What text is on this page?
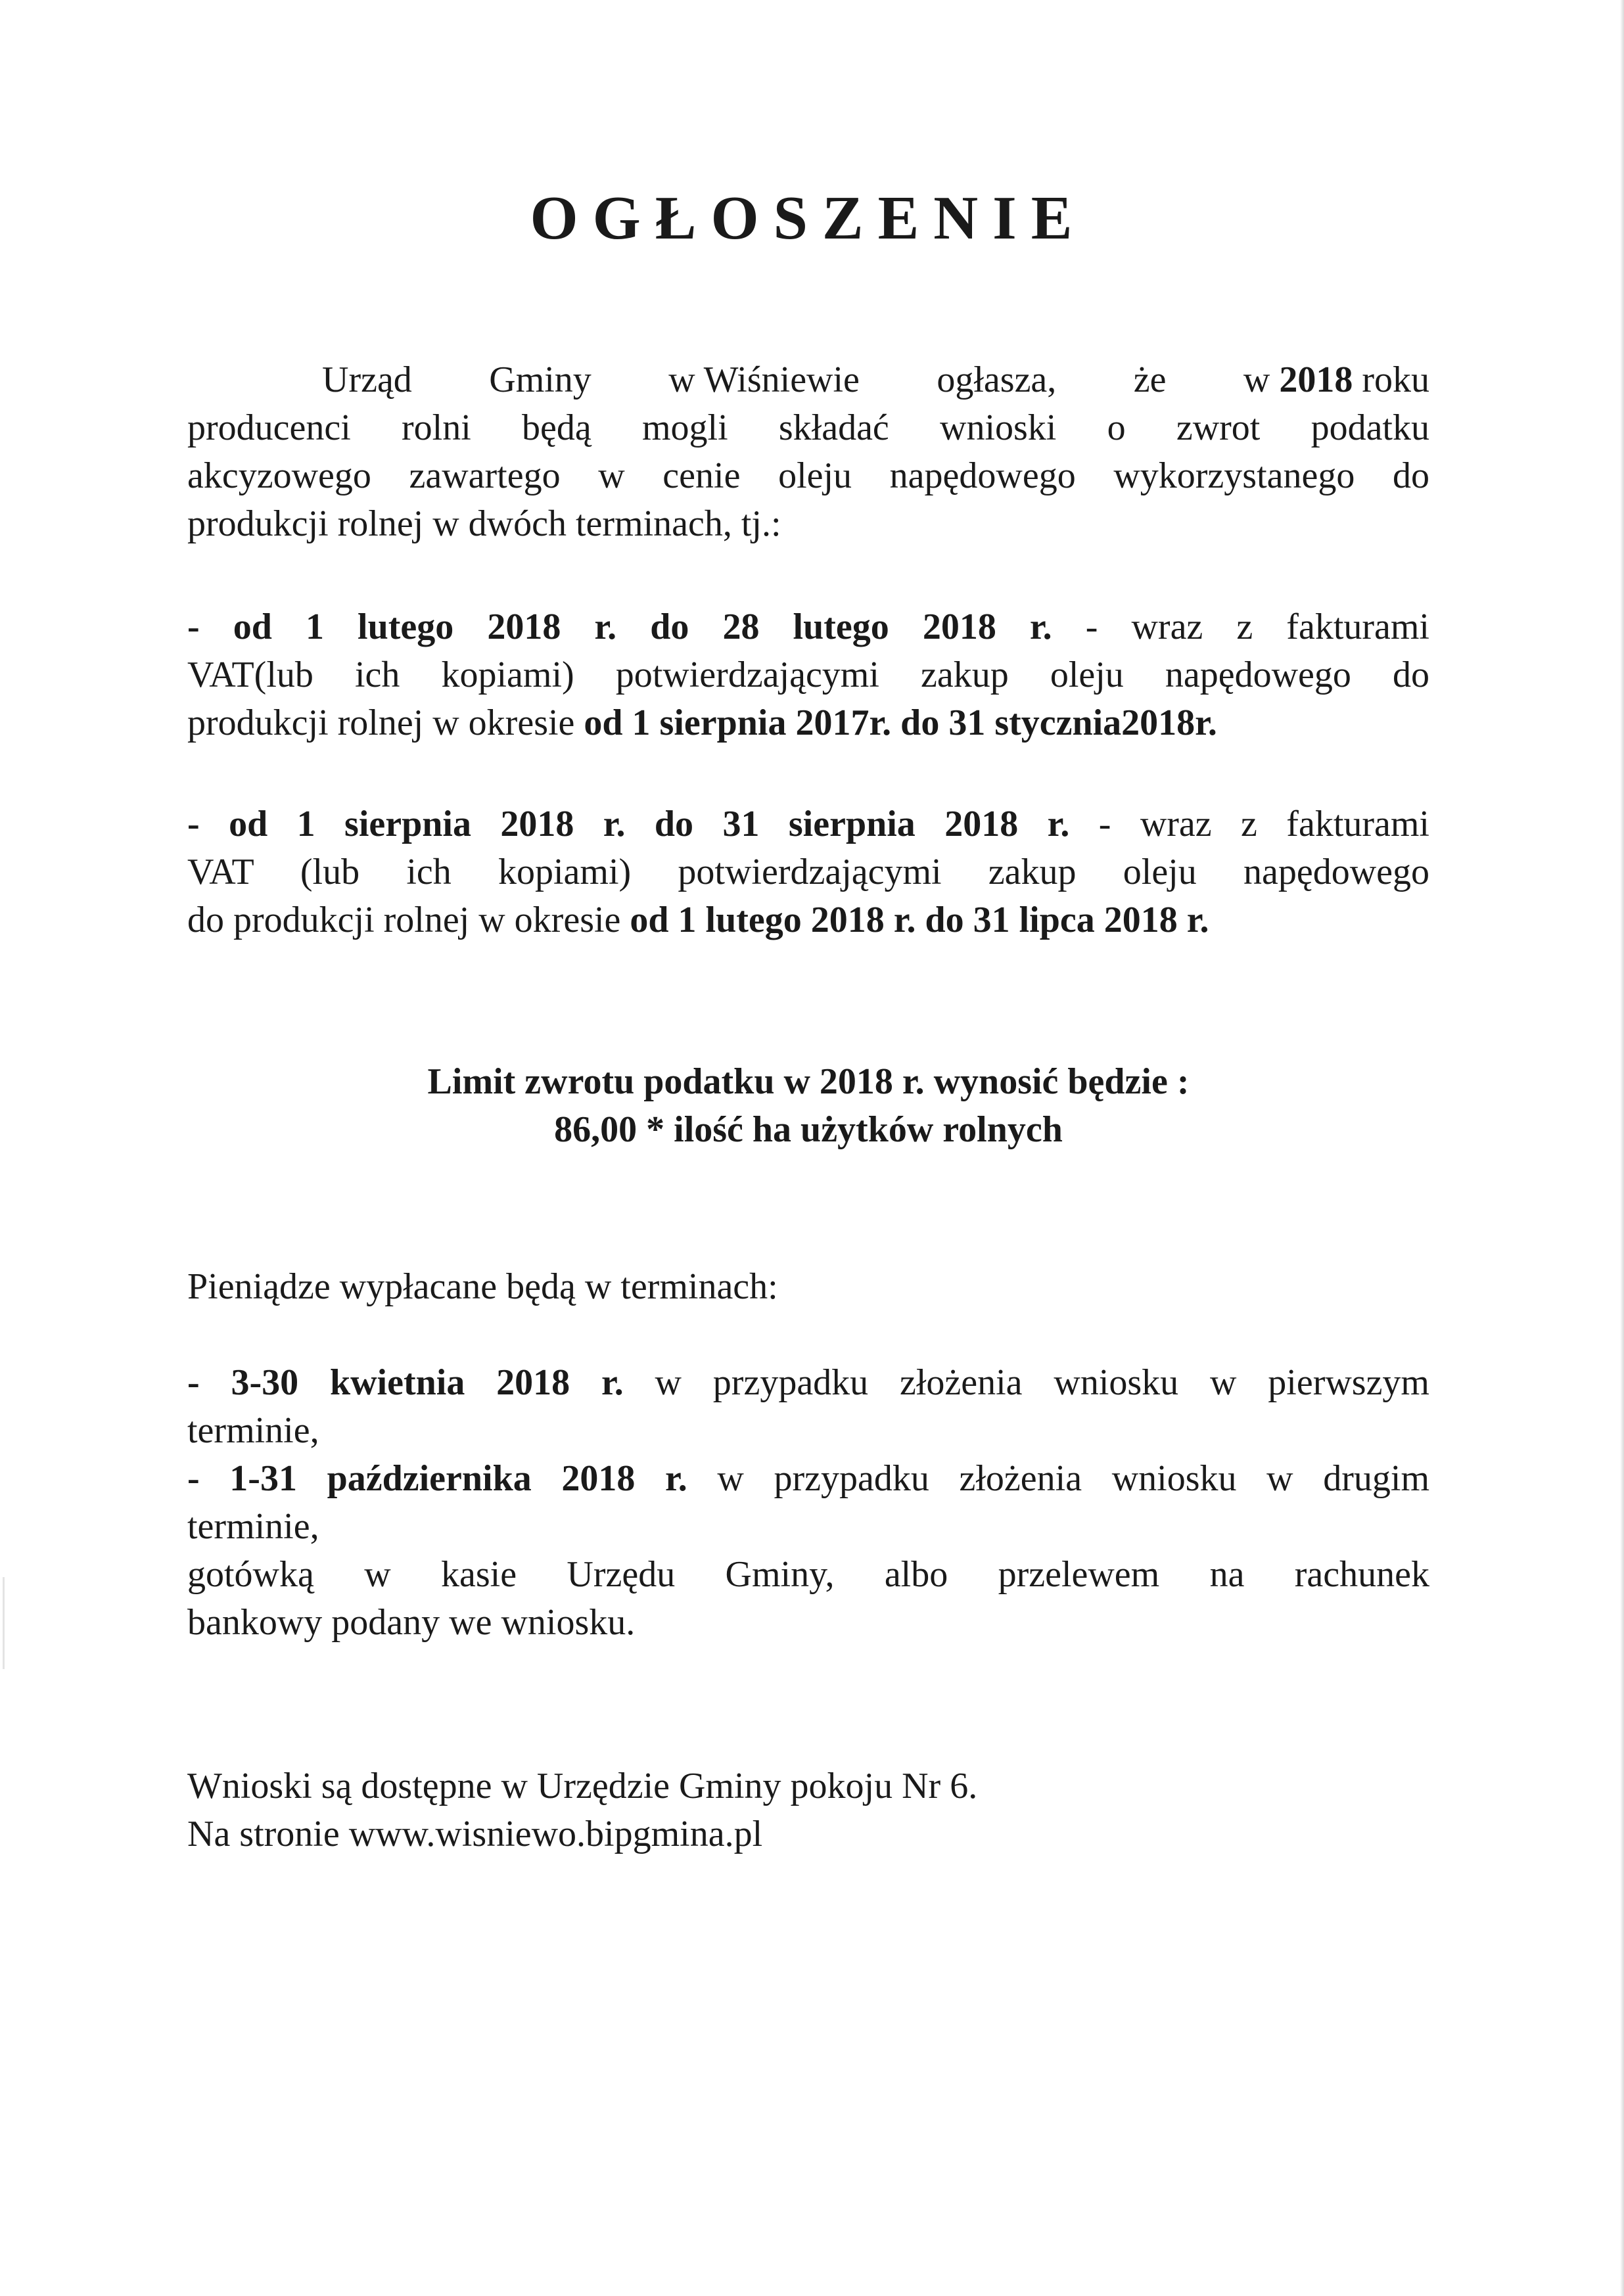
OGŁOSZENIE
Urząd Gminy w Wiśniewie ogłasza, że w 2018 roku
producenci rolni będą mogli składać wnioski o zwrot podatku
akcyzowego zawartego w cenie oleju napędowego wykorzystanego do
produkcji rolnej w dwóch terminach, tj.:
- od 1 lutego 2018 r. do 28 lutego 2018 r. - wraz z fakturami
VAT(lub ich kopiami) potwierdzającymi zakup oleju napędowego do
produkcji rolnej w okresie od 1 sierpnia 2017r. do 31 stycznia2018r.
- od 1 sierpnia 2018 r. do 31 sierpnia 2018 r. - wraz z fakturami
VAT (lub ich kopiami) potwierdzającymi zakup oleju napędowego
do produkcji rolnej w okresie od 1 lutego 2018 r. do 31 lipca 2018 r.
Limit zwrotu podatku w 2018 r. wynosić będzie :
86,00 * ilość ha użytków rolnych
Pieniądze wypłacane będą w terminach:
- 3-30 kwietnia 2018 r. w przypadku złożenia wniosku w pierwszym
terminie,
- 1-31 października 2018 r. w przypadku złożenia wniosku w drugim
terminie,
gotówką w kasie Urzędu Gminy, albo przelewem na rachunek
bankowy podany we wniosku.
Wnioski są dostępne w Urzędzie Gminy pokoju Nr 6.
Na stronie www.wisniewo.bipgmina.pl
